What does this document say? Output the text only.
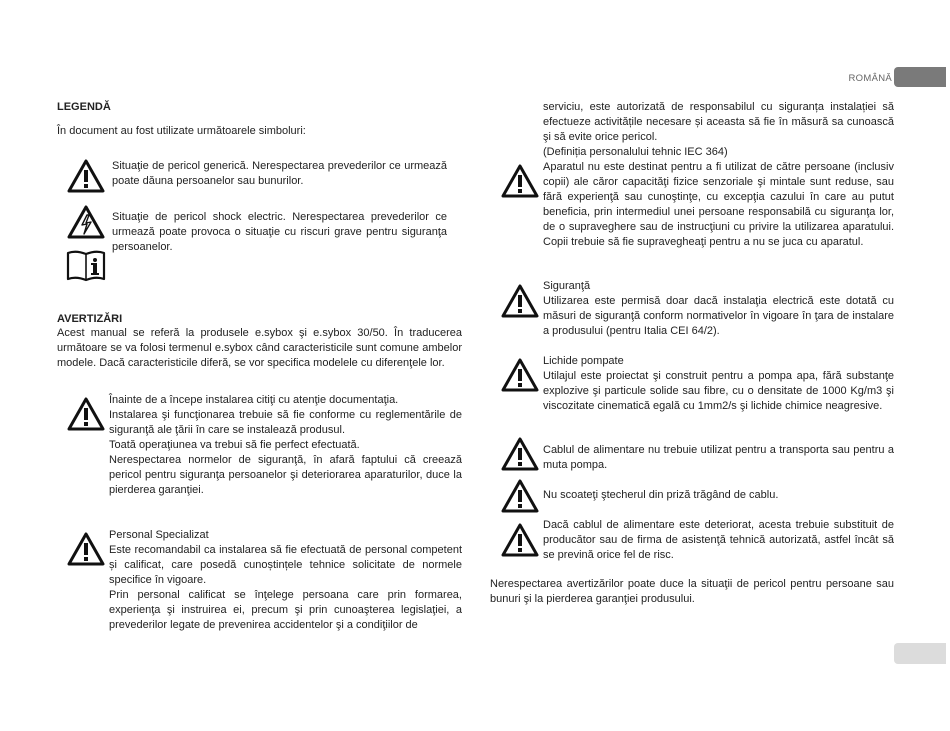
ROMÂNĂ
LEGENDĂ
În document au fost utilizate următoarele simboluri:
Situaţie de pericol generică. Nerespectarea prevederilor ce urmează poate dăuna persoanelor sau bunurilor.
Situaţie de pericol shock electric. Nerespectarea prevederilor ce urmează poate provoca o situaţie cu riscuri grave pentru siguranţa persoanelor.
AVERTIZĂRI
Acest manual se referă la produsele e.sybox şi e.sybox 30/50. În traducerea următoare se va folosi termenul e.sybox când caracteristicile sunt comune ambelor modele. Dacă caracteristicile diferă, se vor specifica modelele cu diferenţele lor.
Înainte de a începe instalarea citiţi cu atenţie documentaţia.
Instalarea şi funcţionarea trebuie să fie conforme cu reglementările de siguranţă ale ţării în care se instalează produsul.
Toată operaţiunea va trebui să fie perfect efectuată.
Nerespectarea normelor de siguranţă, în afară faptului că creează pericol pentru siguranţa persoanelor şi deteriorarea aparaturilor, duce la pierderea garanţiei.
Personal Specializat
Este recomandabil ca instalarea să fie efectuată de personal competent și calificat, care posedă cunoștințele tehnice solicitate de normele specifice în vigoare.
Prin personal calificat se înţelege persoana care prin formarea, experienţa şi instruirea ei, precum şi prin cunoaşterea legislaţiei, a prevederilor legate de prevenirea accidentelor şi a condiţiilor de
serviciu, este autorizată de responsabilul cu siguranța instalației să efectueze activitățile necesare și aceasta să fie în măsură sa cunoască şi să evite orice pericol.
(Definiția personalului tehnic IEC 364)
Aparatul nu este destinat pentru a fi utilizat de către persoane (inclusiv copii) ale căror capacităţi fizice senzoriale şi mintale sunt reduse, sau fără experienţă sau cunoştinţe, cu excepţia cazului în care au putut beneficia, prin intermediul unei persoane responsabilă cu siguranţa lor, de o supraveghere sau de instrucţiuni cu privire la utilizarea aparatului. Copii trebuie să fie supravegheaţi pentru a nu se juca cu aparatul.
Siguranţă
Utilizarea este permisă doar dacă instalaţia electrică este dotată cu măsuri de siguranţă conform normativelor în vigoare în ţara de instalare a produsului (pentru Italia CEI 64/2).
Lichide pompate
Utilajul este proiectat şi construit pentru a pompa apa, fără substanţe explozive şi particule solide sau fibre, cu o densitate de 1000 Kg/m3 şi viscozitate cinematică egală cu 1mm2/s şi lichide chimice neagresive.
Cablul de alimentare nu trebuie utilizat pentru a transporta sau pentru a muta pompa.
Nu scoateţi ştecherul din priză trăgând de cablu.
Dacă cablul de alimentare este deteriorat, acesta trebuie substituit de producător sau de firma de asistenţă tehnică autorizată, astfel încât să se prevină orice fel de risc.
Nerespectarea avertizărilor poate duce la situaţii de pericol pentru persoane sau bunuri şi la pierderea garanţiei produsului.
